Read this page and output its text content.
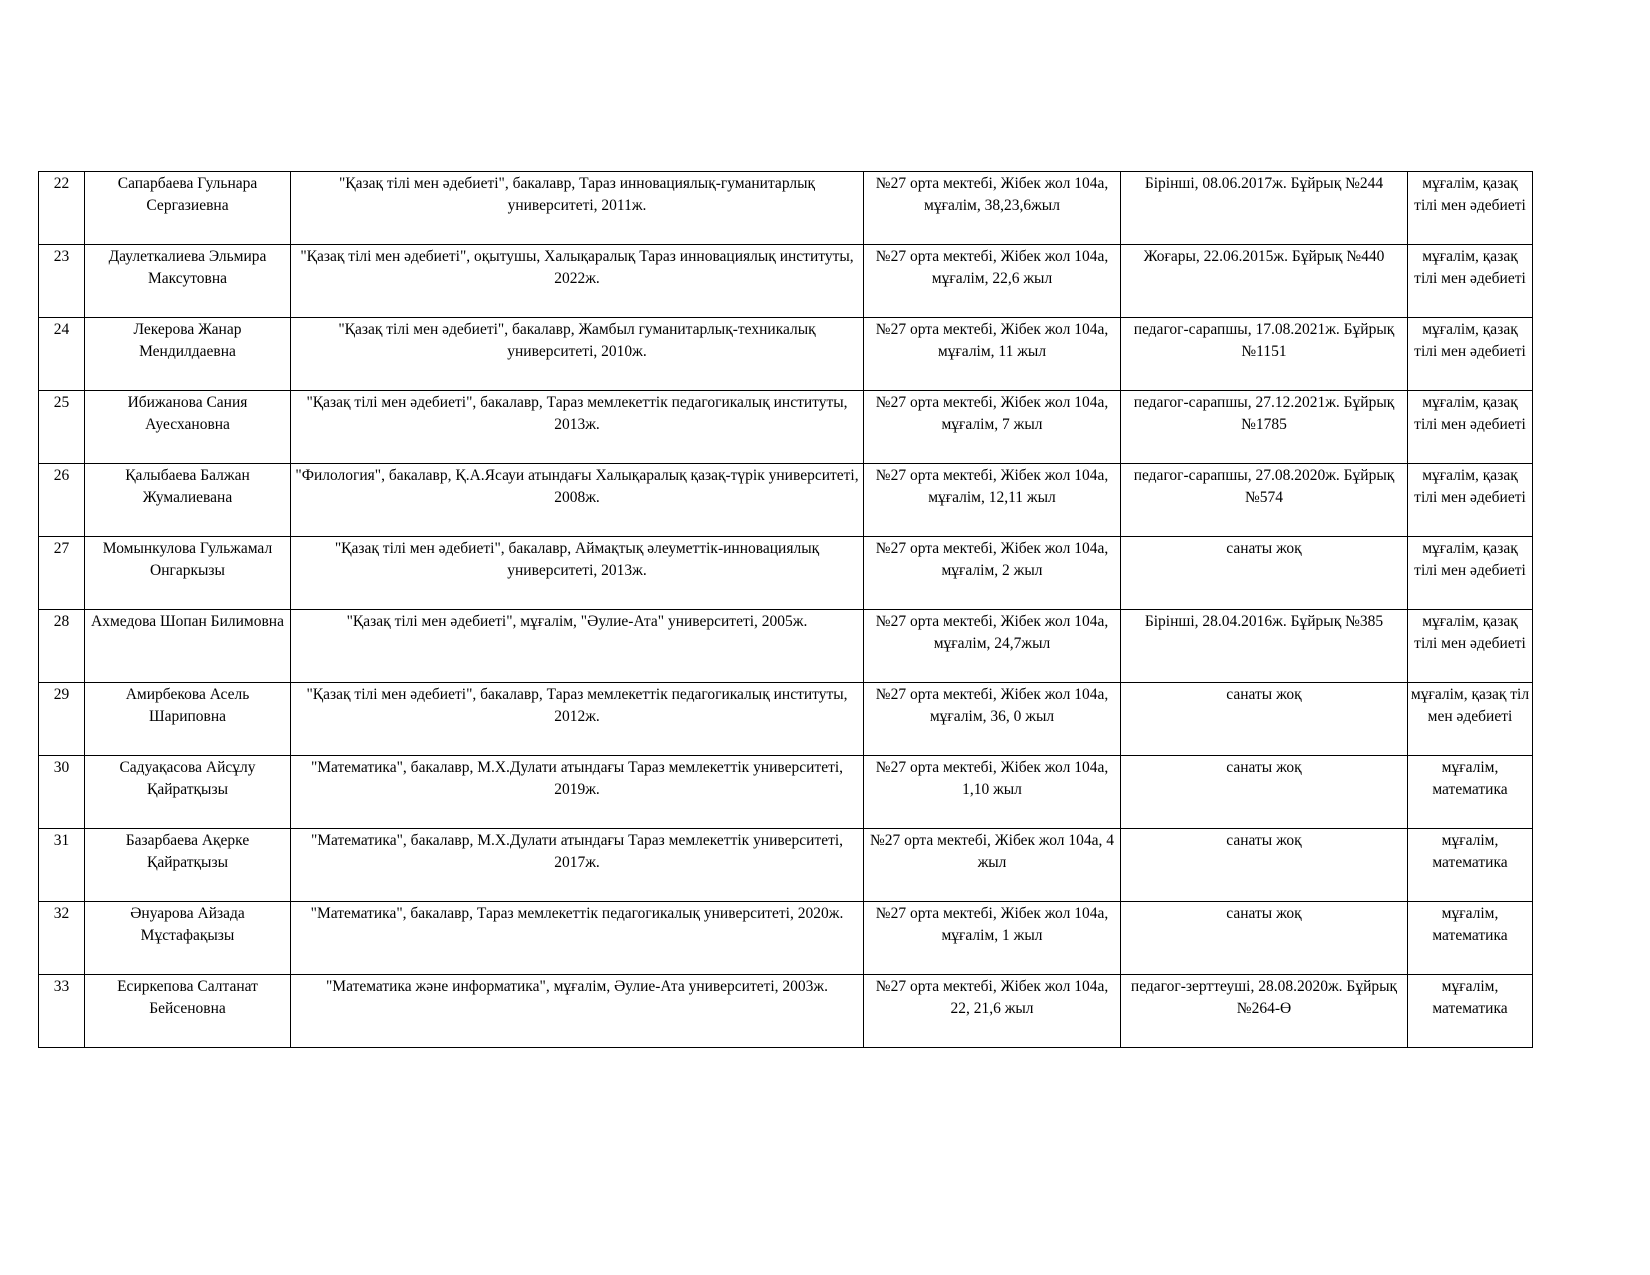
22	Сапарбаева Гульнара Сергазиевна	"Қазақ тілі мен әдебиеті", бакалавр, Тараз инновациялық-гуманитарлық университеті, 2011ж.	№27 орта мектебі, Жібек жол 104а, мұғалім, 38,23,6жыл	Бірінші, 08.06.2017ж. Бұйрық №244	мұғалім, қазақ тілі мен әдебиеті

23	Даулеткалиева Эльмира Максутовна	"Қазақ тілі мен әдебиеті", оқытушы, Халықаралық Тараз инновациялық институты, 2022ж.	№27 орта мектебі, Жібек жол 104а, мұғалім, 22,6 жыл	Жоғары, 22.06.2015ж. Бұйрық №440	мұғалім, қазақ тілі мен әдебиеті

24	Лекерова Жанар Мендилдаевна	"Қазақ тілі мен әдебиеті", бакалавр, Жамбыл гуманитарлық-техникалық университеті, 2010ж.	№27 орта мектебі, Жібек жол 104а, мұғалім, 11 жыл	педагог-сарапшы, 17.08.2021ж. Бұйрық №1151	мұғалім, қазақ тілі мен әдебиеті

25	Ибижанова Сания Ауесхановна	"Қазақ тілі мен әдебиеті", бакалавр, Тараз мемлекеттік педагогикалық институты, 2013ж.	№27 орта мектебі, Жібек жол 104а, мұғалім, 7 жыл	педагог-сарапшы, 27.12.2021ж. Бұйрық №1785	мұғалім, қазақ тілі мен әдебиеті

26	Қалыбаева Балжан Жумалиевана	"Филология", бакалавр, Қ.А.Ясауи атындағы Халықаралық қазақ-түрік университеті, 2008ж.	№27 орта мектебі, Жібек жол 104а, мұғалім, 12,11 жыл	педагог-сарапшы, 27.08.2020ж. Бұйрық №574	мұғалім, қазақ тілі мен әдебиеті

27	Момынкулова Гульжамал Онгаркызы	"Қазақ тілі мен әдебиеті", бакалавр, Аймақтық әлеуметтік-инновациялық университеті, 2013ж.	№27 орта мектебі, Жібек жол 104а, мұғалім, 2 жыл	санаты жоқ	мұғалім, қазақ тілі мен әдебиеті

28	Ахмедова Шопан Билимовна	"Қазақ тілі мен әдебиеті", мұғалім, "Әулие-Ата" университеті, 2005ж.	№27 орта мектебі, Жібек жол 104а, мұғалім, 24,7жыл	Бірінші, 28.04.2016ж. Бұйрық №385	мұғалім, қазақ тілі мен әдебиеті

29	Амирбекова Асель Шариповна	"Қазақ тілі мен әдебиеті", бакалавр, Тараз мемлекеттік педагогикалық институты, 2012ж.	№27 орта мектебі, Жібек жол 104а, мұғалім, 36, 0 жыл	санаты жоқ	мұғалім, қазақ тіл мен әдебиеті

30	Садуақасова Айсұлу Қайратқызы	"Математика", бакалавр, М.Х.Дулати атындағы Тараз мемлекеттік университеті, 2019ж.	№27 орта мектебі, Жібек жол 104а, 1,10 жыл	санаты жоқ	мұғалім, математика

31	Базарбаева Ақерке Қайратқызы	"Математика", бакалавр, М.Х.Дулати атындағы Тараз мемлекеттік университеті, 2017ж.	№27 орта мектебі, Жібек жол 104а, 4 жыл	санаты жоқ	мұғалім, математика

32	Әнуарова Айзада Мұстафақызы	"Математика", бакалавр, Тараз мемлекеттік педагогикалық университеті, 2020ж.	№27 орта мектебі, Жібек жол 104а, мұғалім, 1 жыл	санаты жоқ	мұғалім, математика

33	Есиркепова Салтанат Бейсеновна	"Математика және информатика", мұғалім, Әулие-Ата университеті, 2003ж.	№27 орта мектебі, Жібек жол 104а, 22, 21,6 жыл	педагог-зерттеуші, 28.08.2020ж. Бұйрық №264-Ө	мұғалім, математика
